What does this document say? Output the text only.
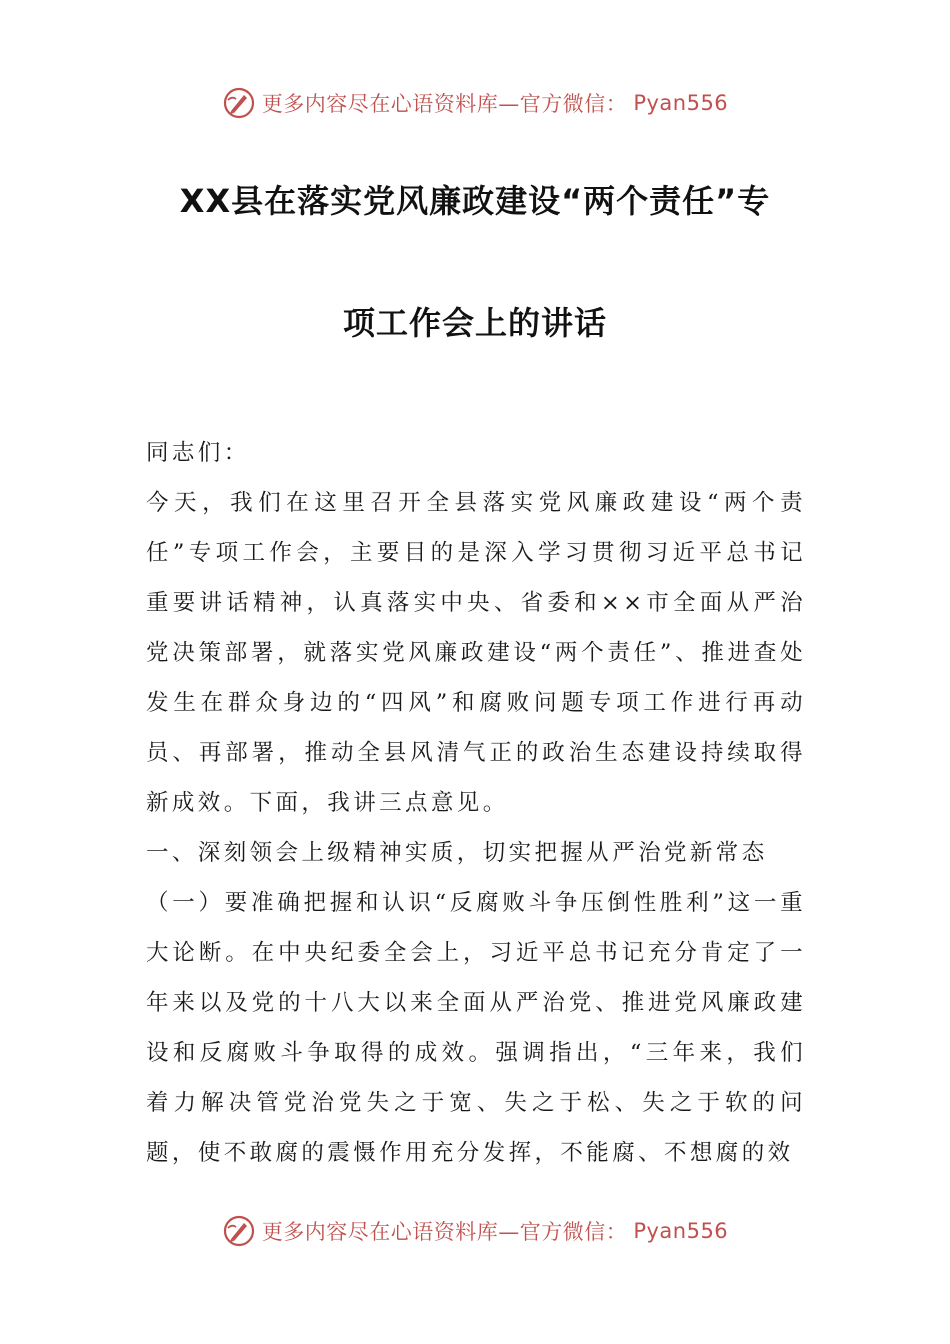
更多内容尽在心语资料库—官方微信： Pyan556
XX县在落实党风廉政建设“两个责任”专
项工作会上的讲话

同志们：

今天，我们在这里召开全县落实党风廉政建设“两个责任”专项工作会，主要目的是深入学习贯彻习近平总书记重要讲话精神，认真落实中央、省委和××市全面从严治党决策部署，就落实党风廉政建设“两个责任”、推进查处发生在群众身边的“四风”和腐败问题专项工作进行再动员、再部署，推动全县风清气正的政治生态建设持续取得新成效。下面，我讲三点意见。

一、深刻领会上级精神实质，切实把握从严治党新常态

（一）要准确把握和认识“反腐败斗争压倒性胜利”这一重大论断。在中央纪委全会上，习近平总书记充分肯定了一年来以及党的十八大以来全面从严治党、推进党风廉政建设和反腐败斗争取得的成效。强调指出，“三年来，我们着力解决管党治党失之于宽、失之于松、失之于软的问题，使不敢腐的震慑作用充分发挥，不能腐、不想腐的效

更多内容尽在心语资料库—官方微信： Pyan556
